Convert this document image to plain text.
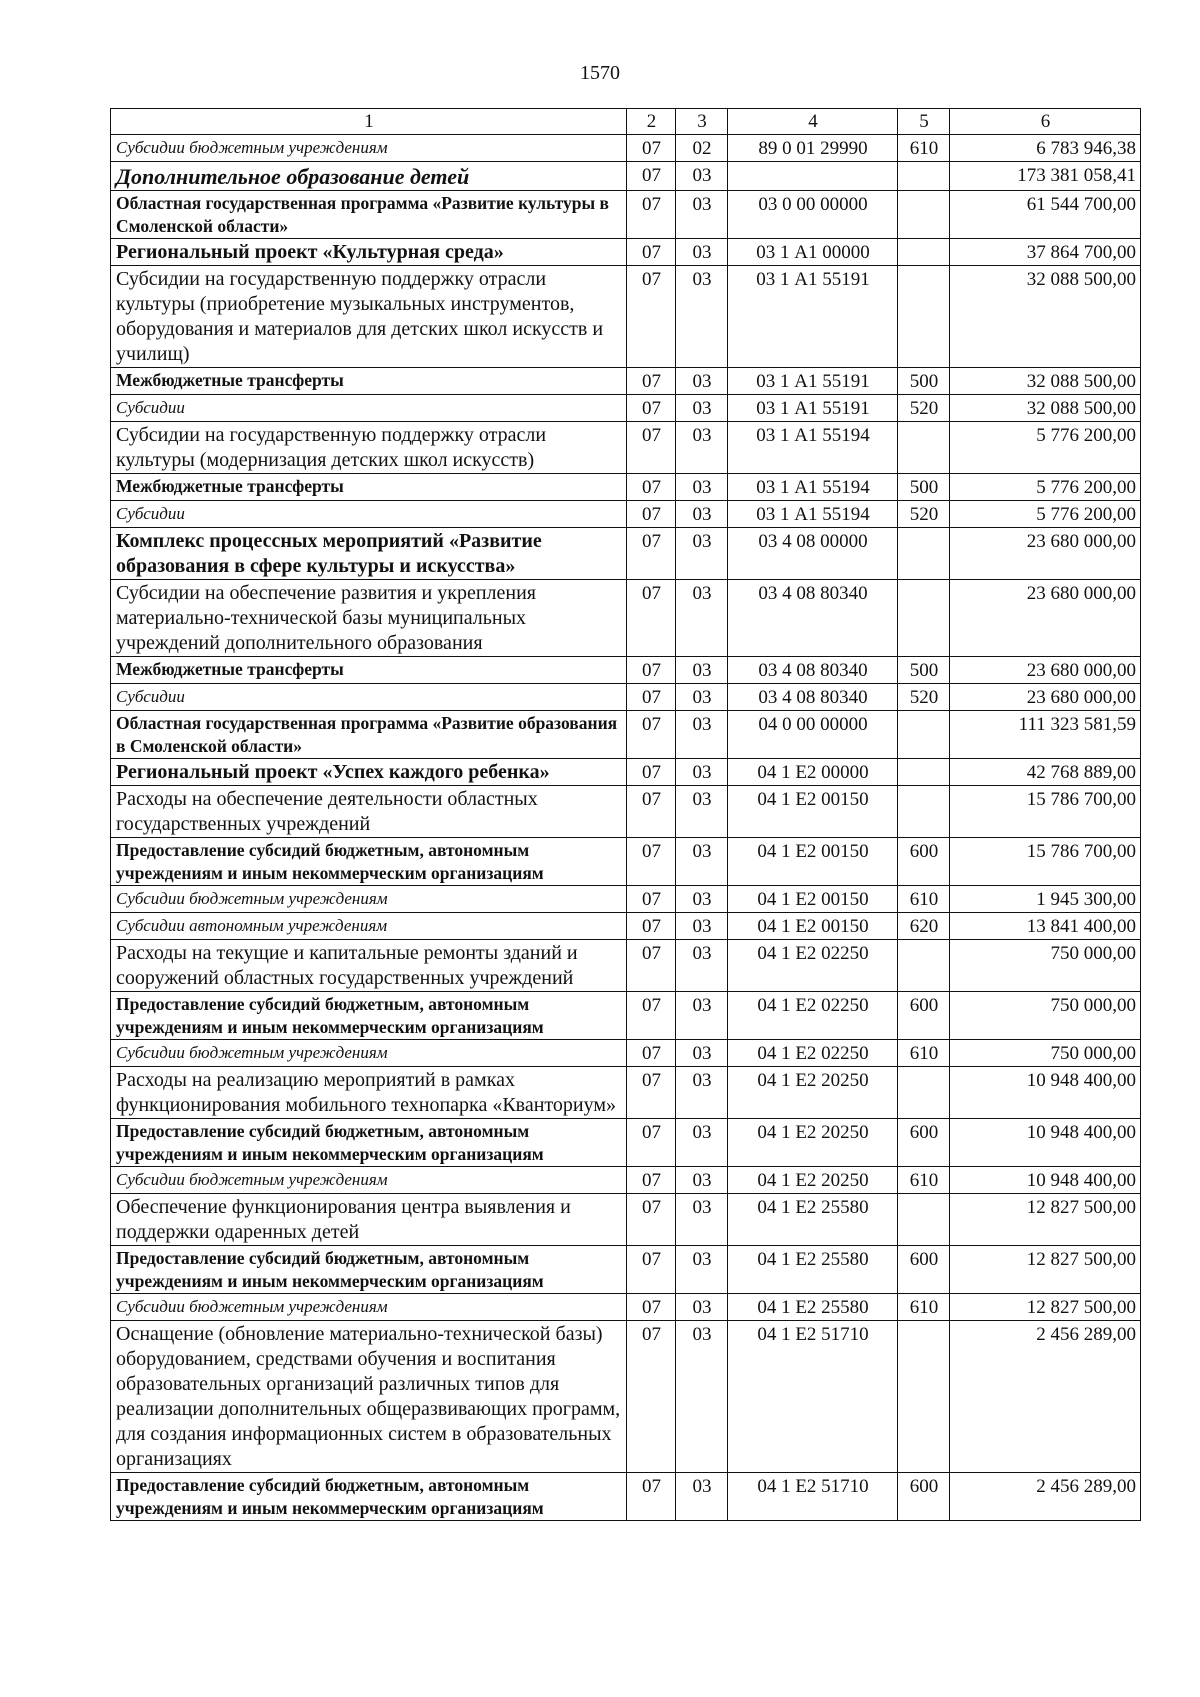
1570
1	2	3	4	5	6
Субсидии бюджетным учреждениям	07	02	89 0 01 29990	610	6 783 946,38
Дополнительное образование детей	07	03			173 381 058,41
Областная государственная программа «Развитие культуры в Смоленской области»	07	03	03 0 00 00000		61 544 700,00
Региональный проект «Культурная среда»	07	03	03 1 А1 00000		37 864 700,00
Субсидии на государственную поддержку отрасли культуры (приобретение музыкальных инструментов, оборудования и материалов для детских школ искусств и училищ)	07	03	03 1 А1 55191		32 088 500,00
Межбюджетные трансферты	07	03	03 1 А1 55191	500	32 088 500,00
Субсидии	07	03	03 1 А1 55191	520	32 088 500,00
Субсидии на государственную поддержку отрасли культуры (модернизация детских школ искусств)	07	03	03 1 А1 55194		5 776 200,00
Межбюджетные трансферты	07	03	03 1 А1 55194	500	5 776 200,00
Субсидии	07	03	03 1 А1 55194	520	5 776 200,00
Комплекс процессных мероприятий «Развитие образования в сфере культуры и искусства»	07	03	03 4 08 00000		23 680 000,00
Субсидии на обеспечение развития и укрепления материально-технической базы муниципальных учреждений дополнительного образования	07	03	03 4 08 80340		23 680 000,00
Межбюджетные трансферты	07	03	03 4 08 80340	500	23 680 000,00
Субсидии	07	03	03 4 08 80340	520	23 680 000,00
Областная государственная программа «Развитие образования в Смоленской области»	07	03	04 0 00 00000		111 323 581,59
Региональный проект «Успех каждого ребенка»	07	03	04 1 Е2 00000		42 768 889,00
Расходы на обеспечение деятельности областных государственных учреждений	07	03	04 1 Е2 00150		15 786 700,00
Предоставление субсидий бюджетным, автономным учреждениям и иным некоммерческим организациям	07	03	04 1 Е2 00150	600	15 786 700,00
Субсидии бюджетным учреждениям	07	03	04 1 Е2 00150	610	1 945 300,00
Субсидии автономным учреждениям	07	03	04 1 Е2 00150	620	13 841 400,00
Расходы на текущие и капитальные ремонты зданий и сооружений областных государственных учреждений	07	03	04 1 Е2 02250		750 000,00
Предоставление субсидий бюджетным, автономным учреждениям и иным некоммерческим организациям	07	03	04 1 Е2 02250	600	750 000,00
Субсидии бюджетным учреждениям	07	03	04 1 Е2 02250	610	750 000,00
Расходы на реализацию мероприятий в рамках функционирования мобильного технопарка «Кванториум»	07	03	04 1 Е2 20250		10 948 400,00
Предоставление субсидий бюджетным, автономным учреждениям и иным некоммерческим организациям	07	03	04 1 Е2 20250	600	10 948 400,00
Субсидии бюджетным учреждениям	07	03	04 1 Е2 20250	610	10 948 400,00
Обеспечение функционирования центра выявления и поддержки одаренных детей	07	03	04 1 Е2 25580		12 827 500,00
Предоставление субсидий бюджетным, автономным учреждениям и иным некоммерческим организациям	07	03	04 1 Е2 25580	600	12 827 500,00
Субсидии бюджетным учреждениям	07	03	04 1 Е2 25580	610	12 827 500,00
Оснащение (обновление материально-технической базы) оборудованием, средствами обучения и воспитания образовательных организаций различных типов для реализации дополнительных общеразвивающих программ, для создания информационных систем в образовательных организациях	07	03	04 1 Е2 51710		2 456 289,00
Предоставление субсидий бюджетным, автономным учреждениям и иным некоммерческим организациям	07	03	04 1 Е2 51710	600	2 456 289,00
